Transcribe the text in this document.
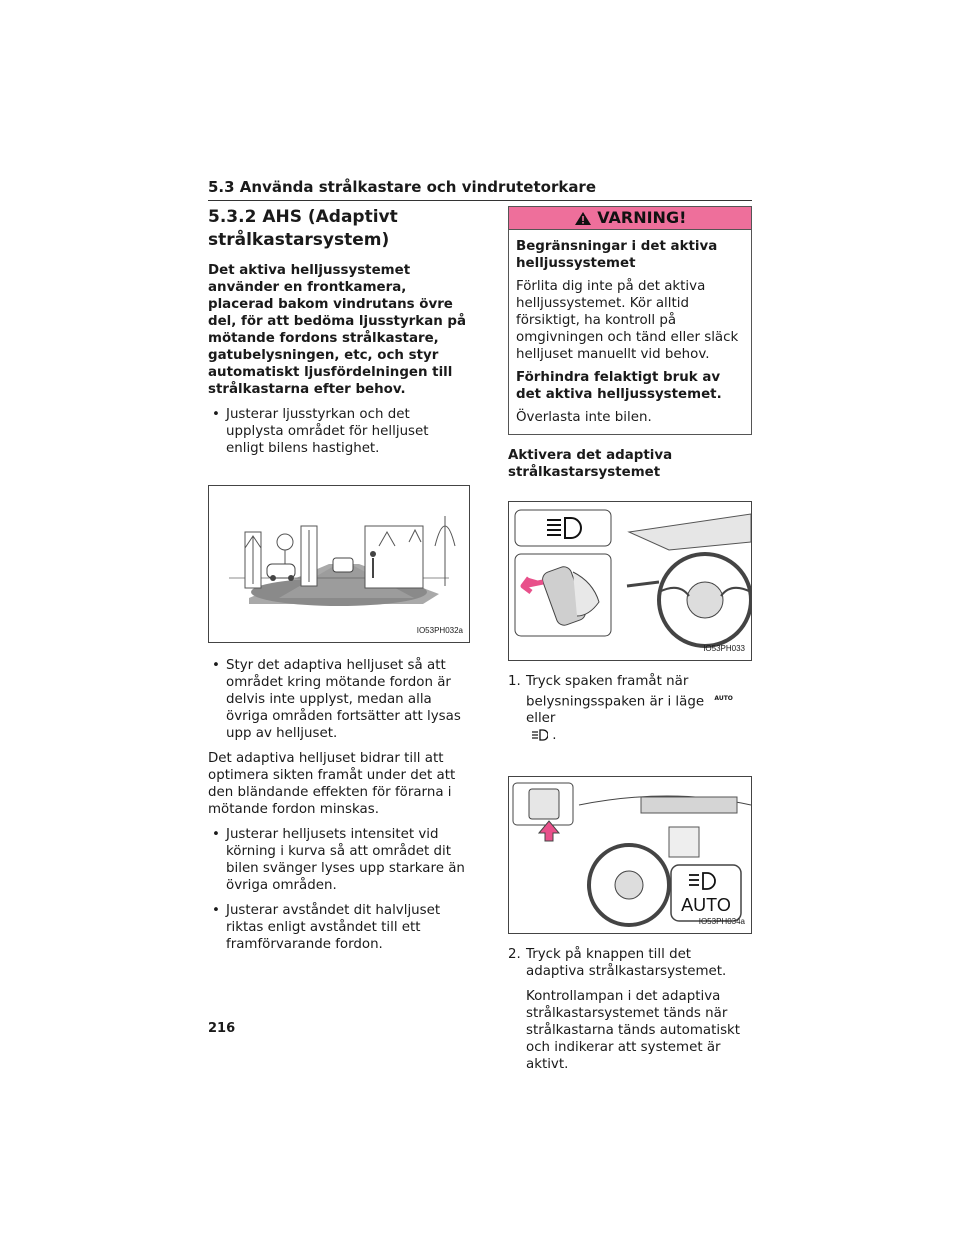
5.3 Använda strålkastare och vindrutetorkare
5.3.2 AHS (Adaptivt strålkastarsystem)

Det aktiva helljussystemet använder en frontkamera, placerad bakom vindrutans övre del, för att bedöma ljusstyrkan på mötande fordons strålkastare, gatubelysningen, etc, och styr automatiskt ljusfördelningen till strålkastarna efter behov.

• Justerar ljusstyrkan och det upplysta området för helljuset enligt bilens hastighet.
IO53PH032a
• Styr det adaptiva helljuset så att området kring mötande fordon är delvis inte upplyst, medan alla övriga områden fortsätter att lysas upp av helljuset.

Det adaptiva helljuset bidrar till att optimera sikten framåt under det att den bländande effekten för förarna i mötande fordon minskas.

• Justerar helljusets intensitet vid körning i kurva så att området dit bilen svänger lyses upp starkare än övriga områden.
• Justerar avståndet dit halvljuset riktas enligt avståndet till ett framförvarande fordon.
VARNING!
Begränsningar i det aktiva helljussystemet

Förlita dig inte på det aktiva helljussystemet. Kör alltid försiktigt, ha kontroll på omgivningen och tänd eller släck helljuset manuellt vid behov.

Förhindra felaktigt bruk av det aktiva helljussystemet.

Överlasta inte bilen.

Aktivera det adaptiva strålkastarsystemet
IO53PH033
1. Tryck spaken framåt när belysningsspaken är i läge $^{AUTO}$ eller
.
AUTO
IO53PH034a
2. Tryck på knappen till det adaptiva strålkastarsystemet.

Kontrollampan i det adaptiva strålkastarsystemet tänds när strålkastarna tänds automatiskt och indikerar att systemet är aktivt.

216
